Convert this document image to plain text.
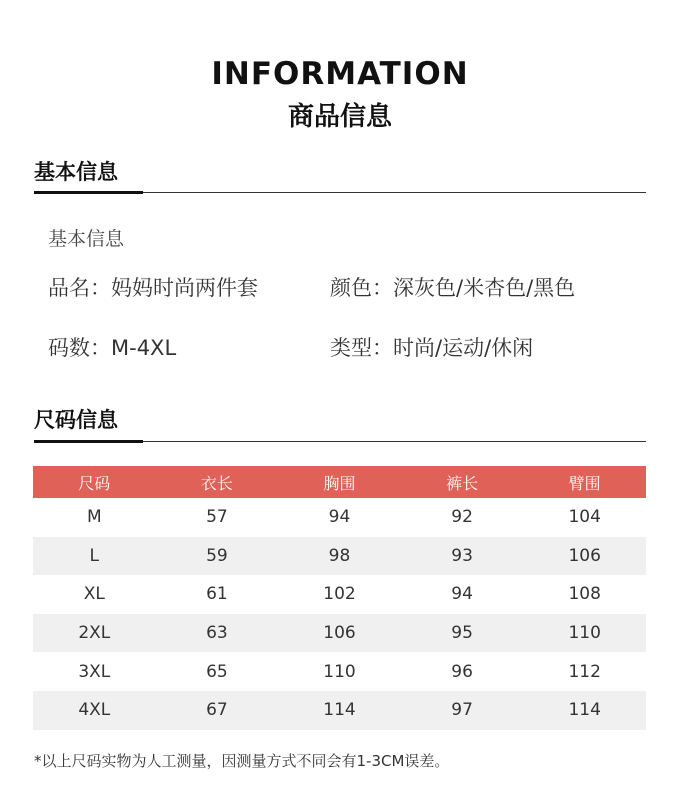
INFORMATION
商品信息
基本信息
基本信息
品名：妈妈时尚两件套	颜色：深灰色/米杏色/黑色
码数：M-4XL	类型：时尚/运动/休闲
尺码信息
尺码	衣长	胸围	裤长	臂围
M	57	94	92	104
L	59	98	93	106
XL	61	102	94	108
2XL	63	106	95	110
3XL	65	110	96	112
4XL	67	114	97	114
*以上尺码实物为人工测量，因测量方式不同会有1-3CM误差。
